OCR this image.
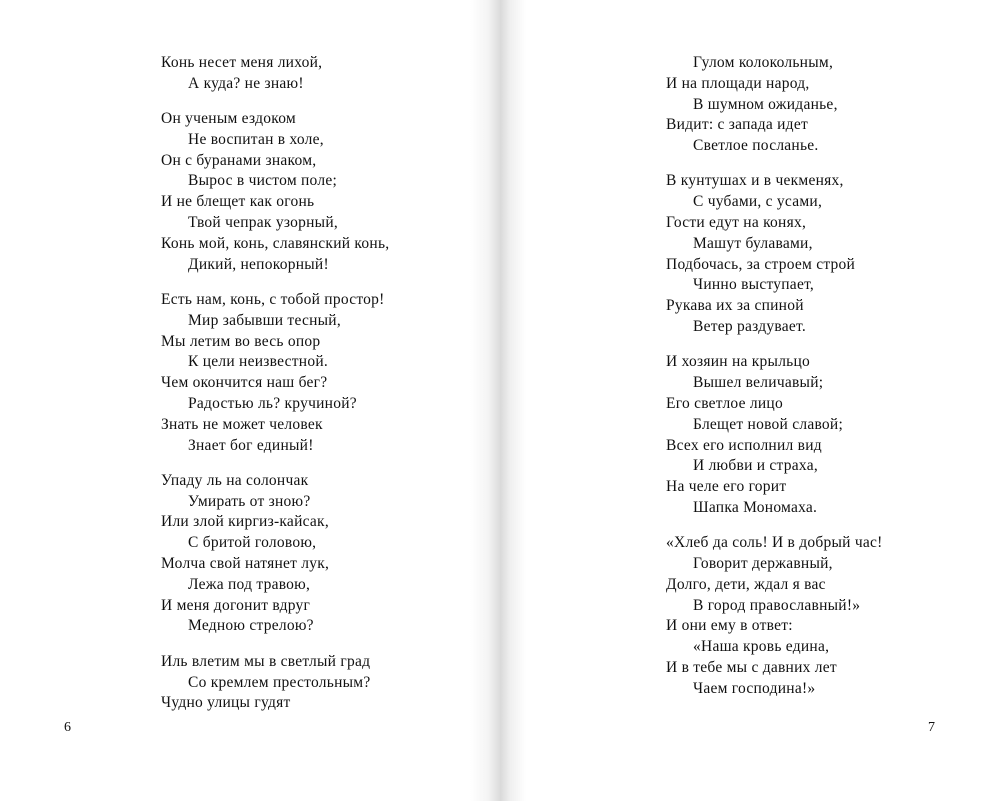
Конь несет меня лихой,
А куда? не знаю!
Он ученым ездоком
Не воспитан в холе,
Он с буранами знаком,
Вырос в чистом поле;
И не блещет как огонь
Твой чепрак узорный,
Конь мой, конь, славянский конь,
Дикий, непокорный!
Есть нам, конь, с тобой простор!
Мир забывши тесный,
Мы летим во весь опор
К цели неизвестной.
Чем окончится наш бег?
Радостью ль? кручиной?
Знать не может человек
Знает бог единый!
Упаду ль на солончак
Умирать от зною?
Или злой киргиз-кайсак,
С бритой головою,
Молча свой натянет лук,
Лежа под травою,
И меня догонит вдруг
Медною стрелою?
Иль влетим мы в светлый град
Со кремлем престольным?
Чудно улицы гудят
6
Гулом колокольным,
И на площади народ,
В шумном ожиданье,
Видит: с запада идет
Светлое посланье.
В кунтушах и в чекменях,
С чубами, с усами,
Гости едут на конях,
Машут булавами,
Подбочась, за строем строй
Чинно выступает,
Рукава их за спиной
Ветер раздувает.
И хозяин на крыльцо
Вышел величавый;
Его светлое лицо
Блещет новой славой;
Всех его исполнил вид
И любви и страха,
На челе его горит
Шапка Мономаха.
«Хлеб да соль! И в добрый час!
Говорит державный,
Долго, дети, ждал я вас
В город православный!»
И они ему в ответ:
«Наша кровь едина,
И в тебе мы с давних лет
Чаем господина!»
7
